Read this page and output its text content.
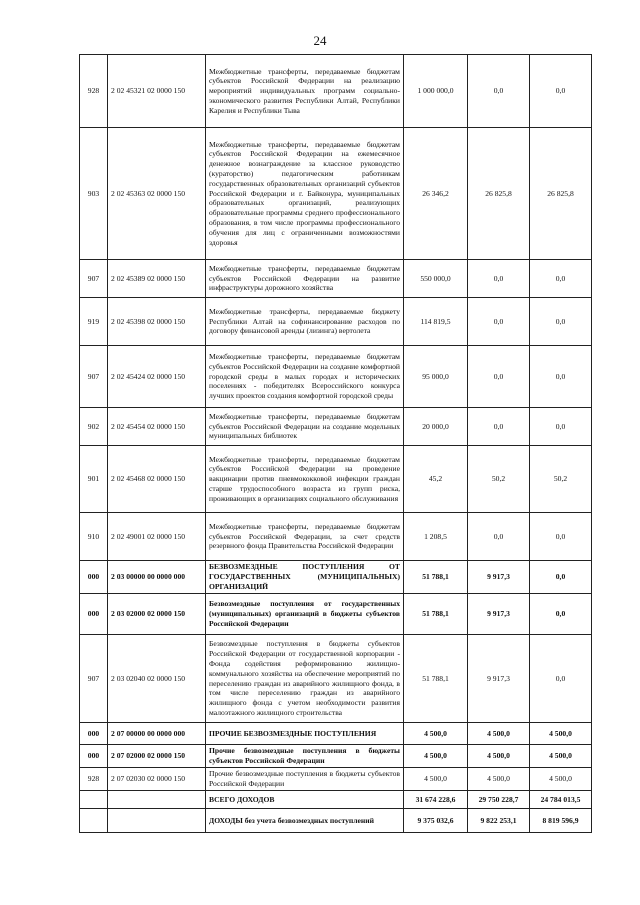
24
928	2 02 45321 02 0000 150	Межбюджетные трансферты, передаваемые бюджетам субъектов Российской Федерации на реализацию мероприятий индивидуальных программ социально-экономического развития Республики Алтай, Республики Карелия и Республики Тыва	1 000 000,0	0,0	0,0
903	2 02 45363 02 0000 150	Межбюджетные трансферты, передаваемые бюджетам субъектов Российской Федерации на ежемесячное денежное вознаграждение за классное руководство (кураторство) педагогическим работникам государственных образовательных организаций субъектов Российской Федерации и г. Байконура, муниципальных образовательных организаций, реализующих образовательные программы среднего профессионального образования, в том числе программы профессионального обучения для лиц с ограниченными возможностями здоровья	26 346,2	26 825,8	26 825,8
907	2 02 45389 02 0000 150	Межбюджетные трансферты, передаваемые бюджетам субъектов Российской Федерации на развитие инфраструктуры дорожного хозяйства	550 000,0	0,0	0,0
919	2 02 45398 02 0000 150	Межбюджетные трансферты, передаваемые бюджету Республики Алтай на софинансирование расходов по договору финансовой аренды (лизинга) вертолета	114 819,5	0,0	0,0
907	2 02 45424 02 0000 150	Межбюджетные трансферты, передаваемые бюджетам субъектов Российской Федерации на создание комфортной городской среды в малых городах и исторических поселениях - победителях Всероссийского конкурса лучших проектов создания комфортной городской среды	95 000,0	0,0	0,0
902	2 02 45454 02 0000 150	Межбюджетные трансферты, передаваемые бюджетам субъектов Российской Федерации на создание модельных муниципальных библиотек	20 000,0	0,0	0,0
901	2 02 45468 02 0000 150	Межбюджетные трансферты, передаваемые бюджетам субъектов Российской Федерации на проведение вакцинации против пневмококковой инфекции граждан старше трудоспособного возраста из групп риска, проживающих в организациях социального обслуживания	45,2	50,2	50,2
910	2 02 49001 02 0000 150	Межбюджетные трансферты, передаваемые бюджетам субъектов Российской Федерации, за счет средств резервного фонда Правительства Российской Федерации	1 208,5	0,0	0,0
000	2 03 00000 00 0000 000	БЕЗВОЗМЕЗДНЫЕ ПОСТУПЛЕНИЯ ОТ ГОСУДАРСТВЕННЫХ (МУНИЦИПАЛЬНЫХ) ОРГАНИЗАЦИЙ	51 788,1	9 917,3	0,0
000	2 03 02000 02 0000 150	Безвозмездные поступления от государственных (муниципальных) организаций в бюджеты субъектов Российской Федерации	51 788,1	9 917,3	0,0
907	2 03 02040 02 0000 150	Безвозмездные поступления в бюджеты субъектов Российской Федерации от государственной корпорации - Фонда содействия реформированию жилищно-коммунального хозяйства на обеспечение мероприятий по переселению граждан из аварийного жилищного фонда, в том числе переселению граждан из аварийного жилищного фонда с учетом необходимости развития малоэтажного жилищного строительства	51 788,1	9 917,3	0,0
000	2 07 00000 00 0000 000	ПРОЧИЕ БЕЗВОЗМЕЗДНЫЕ ПОСТУПЛЕНИЯ	4 500,0	4 500,0	4 500,0
000	2 07 02000 02 0000 150	Прочие безвозмездные поступления в бюджеты субъектов Российской Федерации	4 500,0	4 500,0	4 500,0
928	2 07 02030 02 0000 150	Прочие безвозмездные поступления в бюджеты субъектов Российской Федерации	4 500,0	4 500,0	4 500,0
		ВСЕГО ДОХОДОВ	31 674 228,6	29 750 228,7	24 784 013,5
		ДОХОДЫ без учета безвозмездных поступлений	9 375 032,6	9 822 253,1	8 819 596,9
